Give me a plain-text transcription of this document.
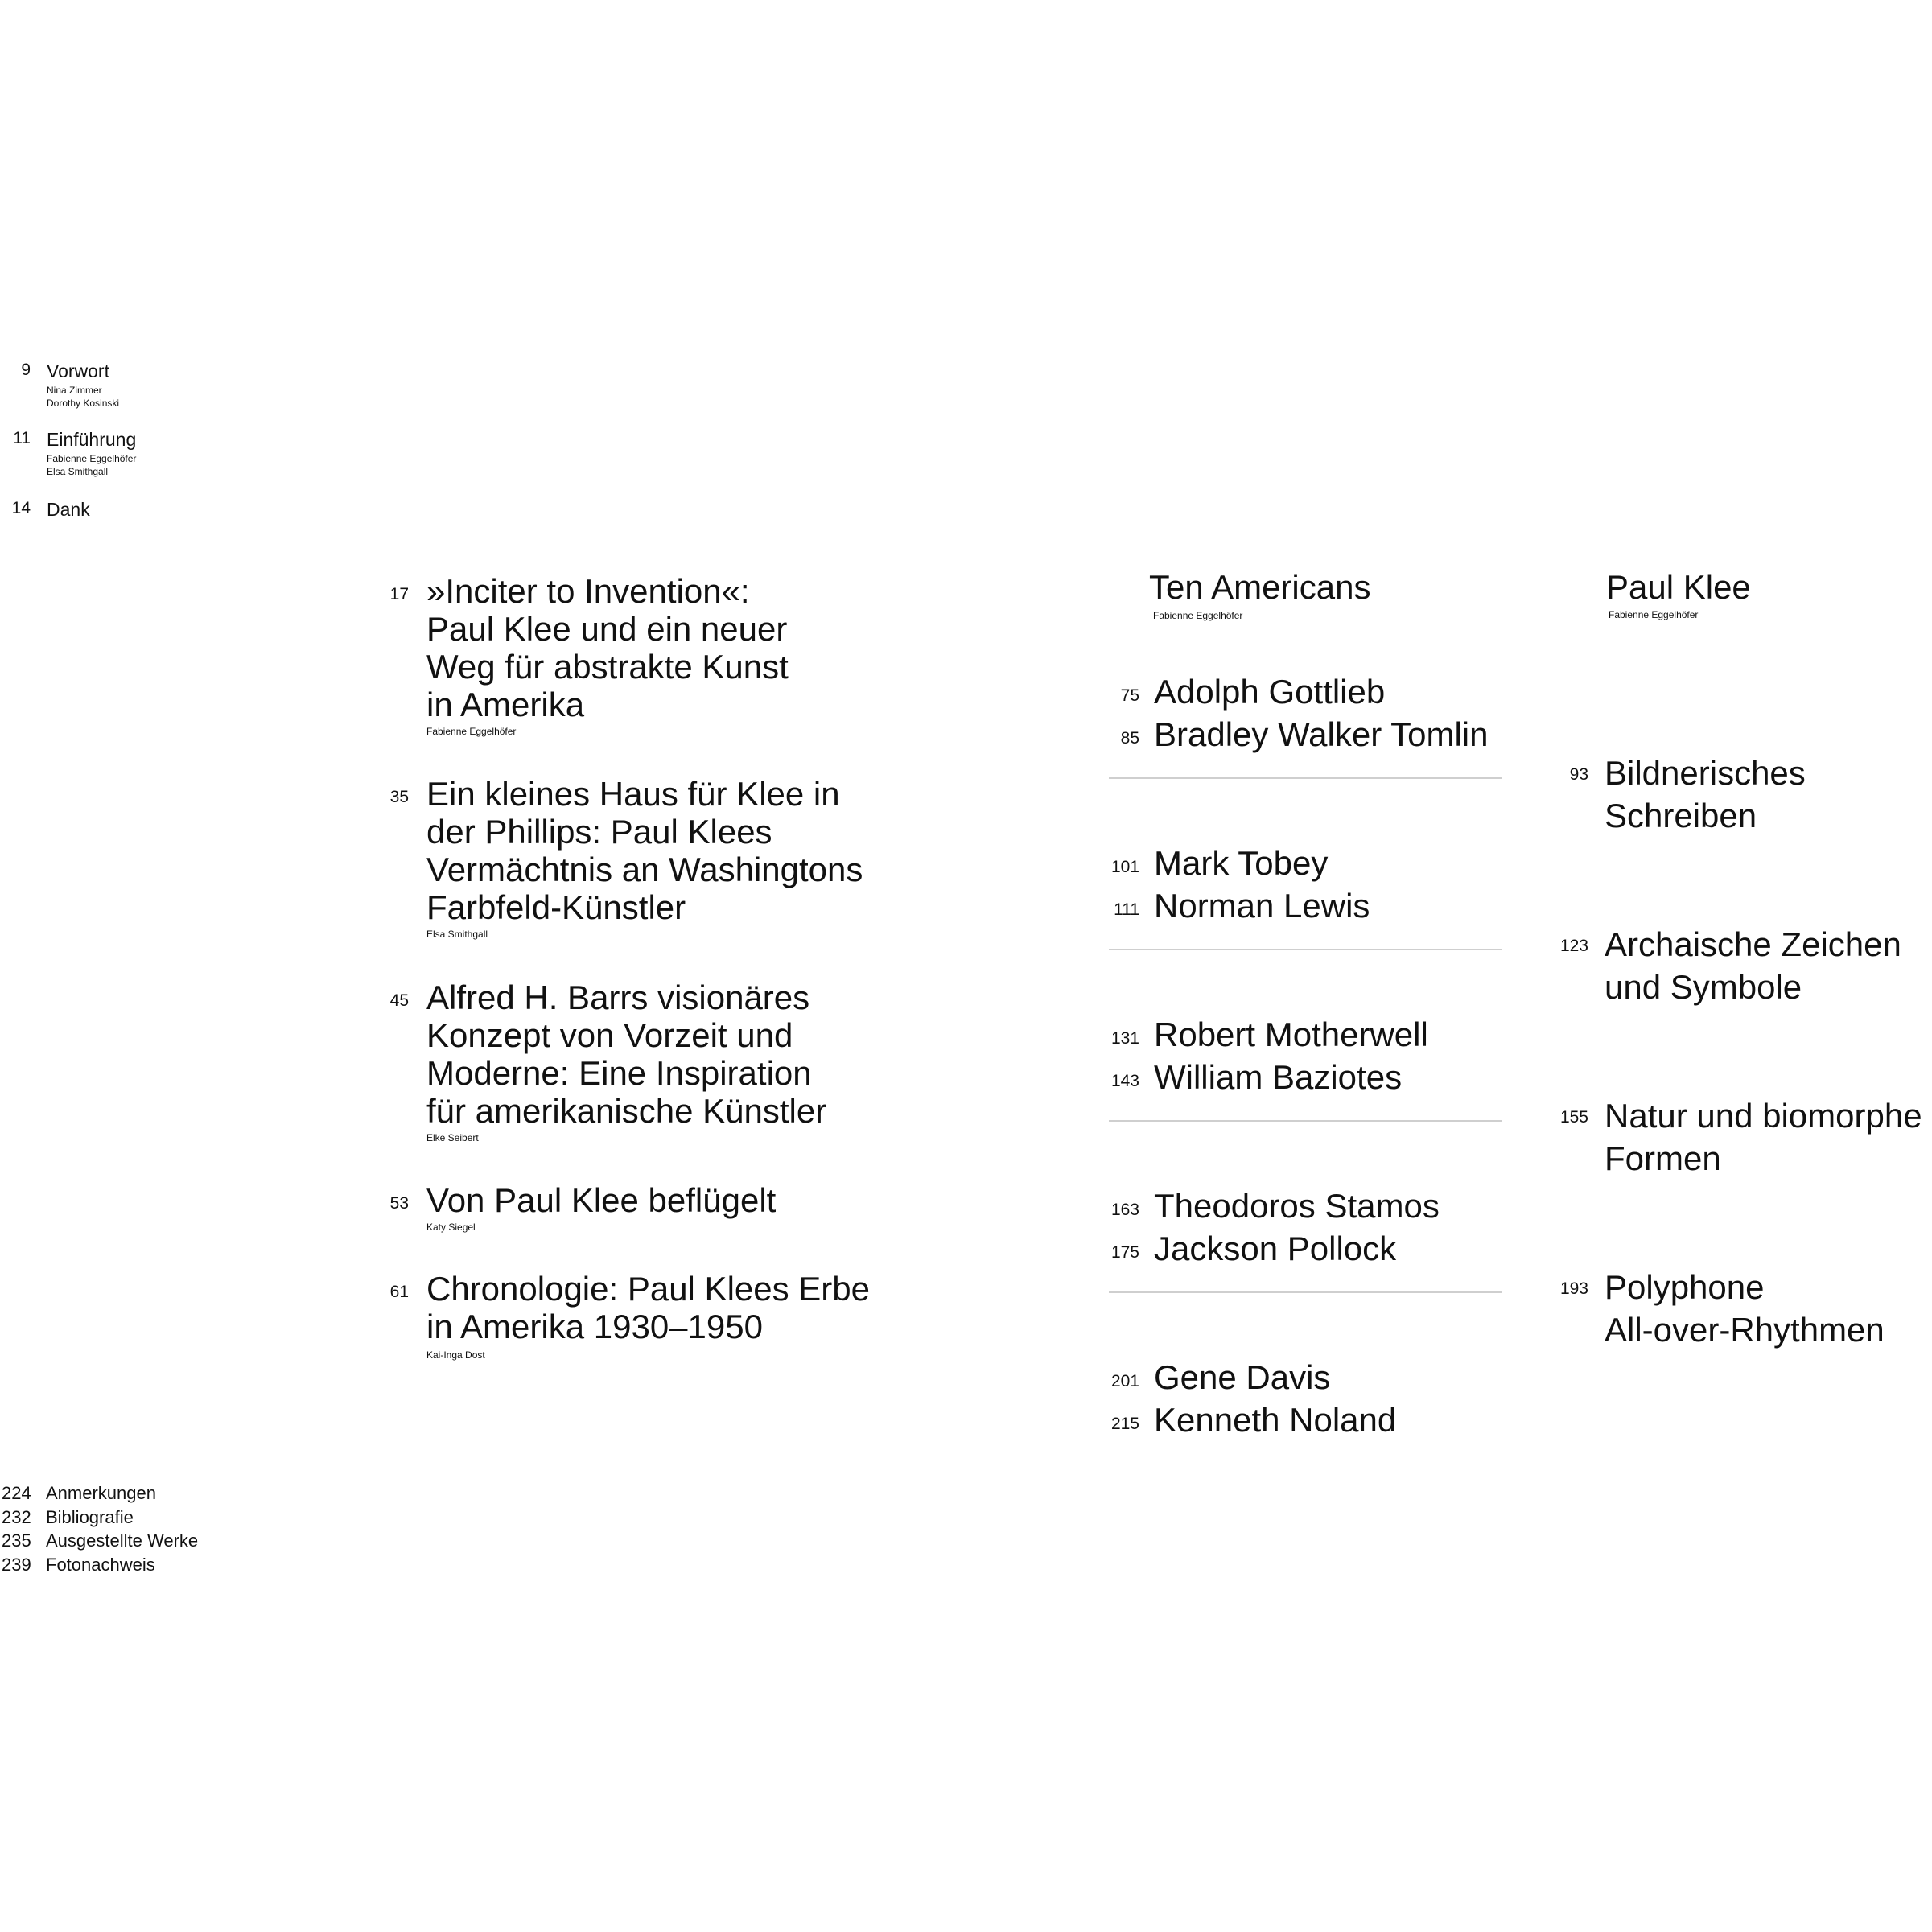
9 Vorwort
Nina Zimmer
Dorothy Kosinski
11 Einführung
Fabienne Eggelhöfer
Elsa Smithgall
14 Dank
17 »Inciter to Invention«:
Paul Klee und ein neuer
Weg für abstrakte Kunst
in Amerika
Fabienne Eggelhöfer
35 Ein kleines Haus für Klee in
der Phillips: Paul Klees
Vermächtnis an Washingtons
Farbfeld-Künstler
Elsa Smithgall
45 Alfred H. Barrs visionäres
Konzept von Vorzeit und
Moderne: Eine Inspiration
für amerikanische Künstler
Elke Seibert
53 Von Paul Klee beflügelt
Katy Siegel
61 Chronologie: Paul Klees Erbe
in Amerika 1930–1950
Kai-Inga Dost
Ten Americans
Fabienne Eggelhöfer
75 Adolph Gottlieb
85 Bradley Walker Tomlin
101 Mark Tobey
111 Norman Lewis
131 Robert Motherwell
143 William Baziotes
163 Theodoros Stamos
175 Jackson Pollock
201 Gene Davis
215 Kenneth Noland
Paul Klee
Fabienne Eggelhöfer
93 Bildnerisches
Schreiben
123 Archaische Zeichen
und Symbole
155 Natur und biomorphe
Formen
193 Polyphone
All-over-Rhythmen
224 Anmerkungen
232 Bibliografie
235 Ausgestellte Werke
239 Fotonachweis
